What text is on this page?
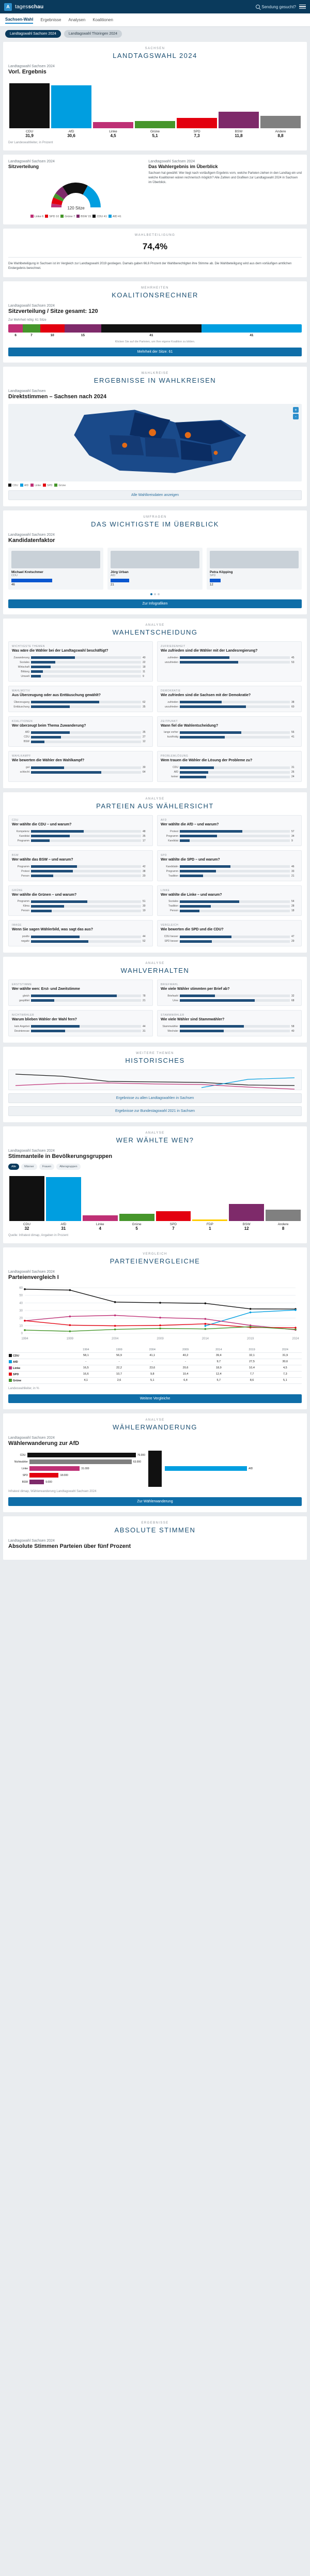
A	tagesschau	Sendung gesucht?
Sachsen-Wahl Ergebnisse Analysen Koalitionen
Landtagswahl Sachsen 2024	Landtagswahl Thüringen 2024
SACHSEN
LANDTAGSWAHL 2024
Landtagswahl Sachsen 2024
Vorl. Ergebnis
CDU
31,9
AfD
30,6
Linke
4,5
Grüne
5,1
SPD
7,3
BSW
11,8
Andere
8,8
Der Landeswahlleiter, in Prozent
Landtagswahl Sachsen 2024
Sitzverteilung
120 Sitze
Linke 6	SPD 10	Grüne 7	BSW 15	CDU 41	AfD 41
Landtagswahl Sachsen 2024
Das Wahlergebnis im Überblick
Sachsen hat gewählt: Wer liegt nach vorläufigem Ergebnis vorn, welche Parteien ziehen in den Landtag ein und welche Koalitionen wären rechnerisch möglich? Alle Zahlen und Grafiken zur Landtagswahl 2024 in Sachsen im Überblick.
WAHLBETEILIGUNG
74,4%
Die Wahlbeteiligung in Sachsen ist im Vergleich zur Landtagswahl 2019 gestiegen. Damals gaben 66,6 Prozent der Wahlberechtigten ihre Stimme ab. Die Wahlbeteiligung wird aus dem vorläufigen amtlichen Endergebnis berechnet.
MEHRHEITEN
KOALITIONSRECHNER
Landtagswahl Sachsen 2024
Sitzverteilung / Sitze gesamt: 120
Zur Mehrheit nötig: 61 Sitze
6	7	10	15	41	41
Klicken Sie auf die Parteien, um Ihre eigene Koalition zu bilden.
Mehrheit der Sitze: 61
WAHLKREISE
ERGEBNISSE IN WAHLKREISEN
Landtagswahl Sachsen
Direktstimmen – Sachsen nach 2024
+
-
CDU	AfD	Linke	SPD	Grüne
Alle Wahlkreisdaten anzeigen
UMFRAGEN
DAS WICHTIGSTE IM ÜBERBLICK
Landtagswahl Sachsen 2024
Kandidatenfaktor
Michael Kretschmer
CDU
46
Jörg Urban
AfD
21
Petra Köpping
SPD
12
Zur Infografiken
ANALYSE
WAHLENTSCHEIDUNG
WICHTIGSTE THEMEN
Was wäre die Wähler bei der Landtagswahl beschäftigt?
Zuwanderung	40
Soziales	22
Wirtschaft	18
Bildung	11
Umwelt	9
ZUFRIEDENHEIT
Wie zufrieden sind die Wähler mit der Landesregierung?
zufrieden	45
unzufrieden	53
WAHLMOTIV
Aus Überzeugung oder aus Enttäuschung gewählt?
Überzeugung	62
Enttäuschung	35
DEMOKRATIE
Wie zufrieden sind die Sachsen mit der Demokratie?
zufrieden	38
unzufrieden	60
KOALITIONEN
Wer überzeugt beim Thema Zuwanderung?
AfD	35
CDU	27
BSW	12
ZEITPUNKT
Wann fiel die Wahlentscheidung?
lange vorher	56
kurzfristig	41
WAHLKAMPF
Wie bewerten die Wähler den Wahlkampf?
gut	30
schlecht	64
PROBLEMLÖSUNG
Wem trauen die Wähler die Lösung der Probleme zu?
CDU	31
AfD	26
keiner	24
ANALYSE
PARTEIEN AUS WÄHLERSICHT
CDU
Wer wählte die CDU – und warum?
Kompetenz	48
Kandidat	35
Programm	17
AFD
Wer wählte die AfD – und warum?
Protest	57
Programm	34
Kandidat	9
BSW
Wer wählte das BSW – und warum?
Programm	42
Protest	38
Person	20
SPD
Wer wählte die SPD – und warum?
Kandidatin	46
Programm	33
Tradition	21
GRÜNE
Wer wählte die Grünen – und warum?
Programm	51
Klima	30
Person	19
LINKE
Wer wählte die Linke – und warum?
Soziales	54
Tradition	28
Person	18
IMAGE
Wenn Sie sagen Wählerbild, was sagt das aus?
positiv	44
negativ	52
VERGLEICH
Wie bewerten die SPD und die CDU?
CDU besser	47
SPD besser	29
ANALYSE
WAHLVERHALTEN
ERSTSTIMME
Wer wählte wen: Erst- und Zweitstimme
gleich	78
gesplittet	21
BRIEFWAHL
Wie viele Wähler stimmten per Brief ab?
Briefwahl	32
Urne	68
NICHTWÄHLER
Warum blieben Wähler der Wahl fern?
kein Angebot	44
Desinteresse	31
STAMMWÄHLER
Wie viele Wähler sind Stammwähler?
Stammwähler	58
Wechsler	40
WEITERE THEMEN
HISTORISCHES
Ergebnisse zu allen Landtagswahlen in Sachsen
Ergebnisse zur Bundestagswahl 2021 in Sachsen
ANALYSE
WER WÄHLTE WEN?
Landtagswahl Sachsen 2024
Stimmanteile in Bevölkerungsgruppen
Alle	Männer	Frauen	Altersgruppen
CDU
32
AfD
31
Linke
4
Grüne
5
SPD
7
FDP
1
BSW
12
Andere
8
Quelle: Infratest dimap, Angaben in Prozent
VERGLEICH
PARTEIENVERGLEICHE
Landtagswahl Sachsen 2024
Parteienvergleich I
0
10
20
30
40
50
60
1994	1999	2004	2009	2014	2019	2024
	1994	1999	2004	2009	2014	2019	2024
CDU	58,1	56,9	41,1	40,2	39,4	32,1	31,9
AfD	-	-	-	-	9,7	27,5	30,6
Linke	16,5	22,2	23,6	20,6	18,9	10,4	4,5
SPD	16,6	10,7	9,8	10,4	12,4	7,7	7,3
Grüne	4,1	2,6	5,1	6,4	5,7	8,6	5,1
Landeswahlleiter, in %
Weitere Vergleiche
ANALYSE
WÄHLERWANDERUNG
Landtagswahl Sachsen 2024
Wählerwanderung zur AfD
CDU	76.000
Nichtwähler	63.000
Linke	31.000
SPD	18.000
BSW	9.000
AfD
Infratest dimap, Wählerwanderung Landtagswahl Sachsen 2024
Zur Wählerwanderung
ERGEBNISSE
ABSOLUTE STIMMEN
Landtagswahl Sachsen 2024
Absolute Stimmen Parteien über fünf Prozent
